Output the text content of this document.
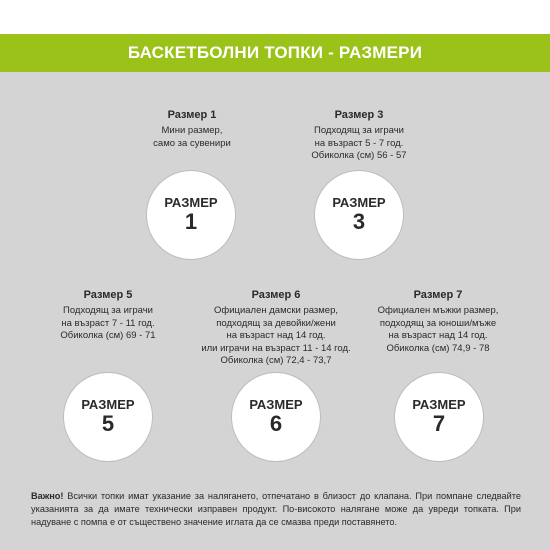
БАСКЕТБОЛНИ ТОПКИ - РАЗМЕРИ
Размер 1
Мини размер,
само за сувенири
РАЗМЕР
1
Размер 3
Подходящ за играчи
на възраст 5 - 7 год.
Обиколка (см) 56 - 57
РАЗМЕР
3
Размер 5
Подходящ за играчи
на възраст 7 - 11 год.
Обиколка (см) 69 - 71
РАЗМЕР
5
Размер 6
Официален дамски размер,
подходящ за девойки/жени
на възраст над 14 год.
или играчи на възраст 11 - 14 год.
Обиколка (см) 72,4 - 73,7
РАЗМЕР
6
Размер 7
Официален мъжки размер,
подходящ за юноши/мъже
на възраст над 14 год.
Обиколка (см) 74,9 - 78
РАЗМЕР
7
Важно! Всички топки имат указание за налягането, отпечатано в близост до клапана. При помпане следвайте указанията за да имате технически изправен продукт. По-високото налягане може да увреди топката. При надуване с помпа е от съществено значение иглата да се смазва преди поставянето.
